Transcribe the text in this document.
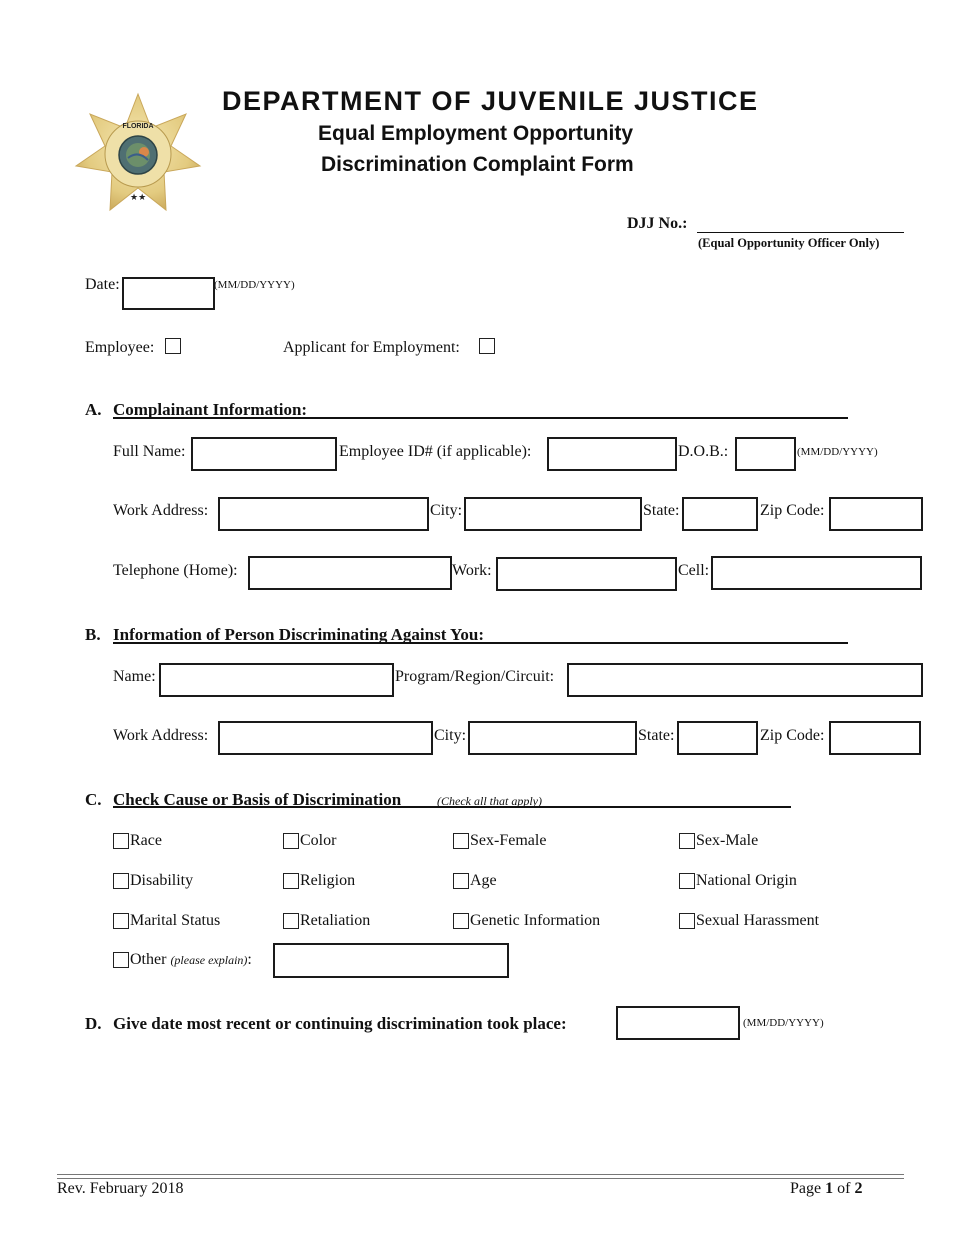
FLORIDA
★★
DEPARTMENT OF JUVENILE JUSTICE
Equal Employment Opportunity
Discrimination Complaint Form
DJJ No.:
(Equal Opportunity Officer Only)
Date:	(MM/DD/YYYY)
Employee:	Applicant for Employment:
A. Complainant Information:
Full Name:	Employee ID# (if applicable):	D.O.B.:	(MM/DD/YYYY)
Work Address:	City:	State:	Zip Code:
Telephone (Home):	Work:	Cell:
B. Information of Person Discriminating Against You:
Name:	Program/Region/Circuit:
Work Address:	City:	State:	Zip Code:
C. Check Cause or Basis of Discrimination	(Check all that apply)
Race	Color	Sex-Female	Sex-Male
Disability	Religion	Age	National Origin
Marital Status	Retaliation	Genetic Information	Sexual Harassment
Other (please explain) :
D. Give date most recent or continuing discrimination took place:	(MM/DD/YYYY)
Rev. February 2018	Page 1 of 2
